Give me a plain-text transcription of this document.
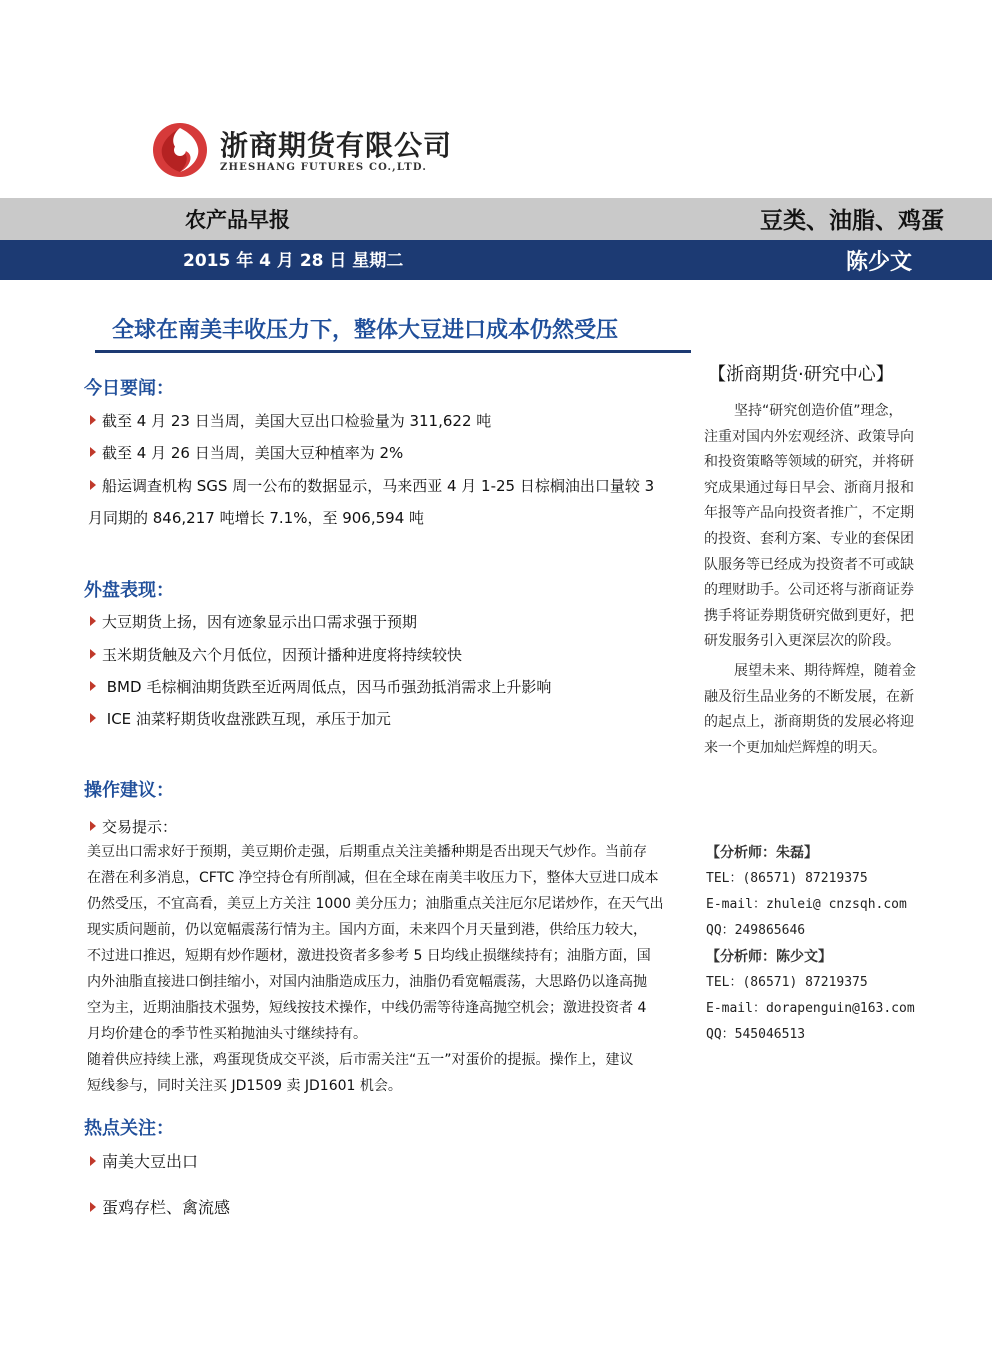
浙商期货有限公司
ZHESHANG FUTURES CO.,LTD.
农产品早报	豆类、油脂、鸡蛋
2015 年 4 月 28 日 星期二	陈少文
全球在南美丰收压力下，整体大豆进口成本仍然受压
今日要闻：
截至 4 月 23 日当周，美国大豆出口检验量为 311,622 吨
截至 4 月 26 日当周，美国大豆种植率为 2%
船运调查机构 SGS 周一公布的数据显示，马来西亚 4 月 1-25 日棕榈油出口量较 3
月同期的 846,217 吨增长 7.1%，至 906,594 吨
外盘表现：
大豆期货上扬，因有迹象显示出口需求强于预期
玉米期货触及六个月低位，因预计播种进度将持续较快
BMD 毛棕榈油期货跌至近两周低点，因马币强劲抵消需求上升影响
ICE 油菜籽期货收盘涨跌互现，承压于加元
操作建议：
交易提示：
美豆出口需求好于预期，美豆期价走强，后期重点关注美播种期是否出现天气炒作。当前存
在潜在利多消息，CFTC 净空持仓有所削减，但在全球在南美丰收压力下，整体大豆进口成本
仍然受压，不宜高看，美豆上方关注 1000 美分压力；油脂重点关注厄尔尼诺炒作，在天气出
现实质问题前，仍以宽幅震荡行情为主。国内方面，未来四个月天量到港，供给压力较大，
不过进口推迟，短期有炒作题材，激进投资者多参考 5 日均线止损继续持有；油脂方面，国
内外油脂直接进口倒挂缩小，对国内油脂造成压力，油脂仍看宽幅震荡，大思路仍以逢高抛
空为主，近期油脂技术强势，短线按技术操作，中线仍需等待逢高抛空机会；激进投资者 4
月均价建仓的季节性买粕抛油头寸继续持有。
随着供应持续上涨，鸡蛋现货成交平淡，后市需关注“五一”对蛋价的提振。操作上，建议
短线参与，同时关注买 JD1509 卖 JD1601 机会。
热点关注：
南美大豆出口
蛋鸡存栏、禽流感
【浙商期货·研究中心】
坚持“研究创造价值”理念，
注重对国内外宏观经济、政策导向
和投资策略等领域的研究，并将研
究成果通过每日早会、浙商月报和
年报等产品向投资者推广，不定期
的投资、套利方案、专业的套保团
队服务等已经成为投资者不可或缺
的理财助手。公司还将与浙商证券
携手将证券期货研究做到更好，把
研发服务引入更深层次的阶段。
展望未来、期待辉煌，随着金
融及衍生品业务的不断发展，在新
的起点上，浙商期货的发展必将迎
来一个更加灿烂辉煌的明天。
【分析师：朱磊】
TEL：(86571) 87219375
E-mail：zhulei@ cnzsqh.com
QQ：249865646
【分析师：陈少文】
TEL：(86571) 87219375
E-mail：dorapenguin@163.com
QQ：545046513
